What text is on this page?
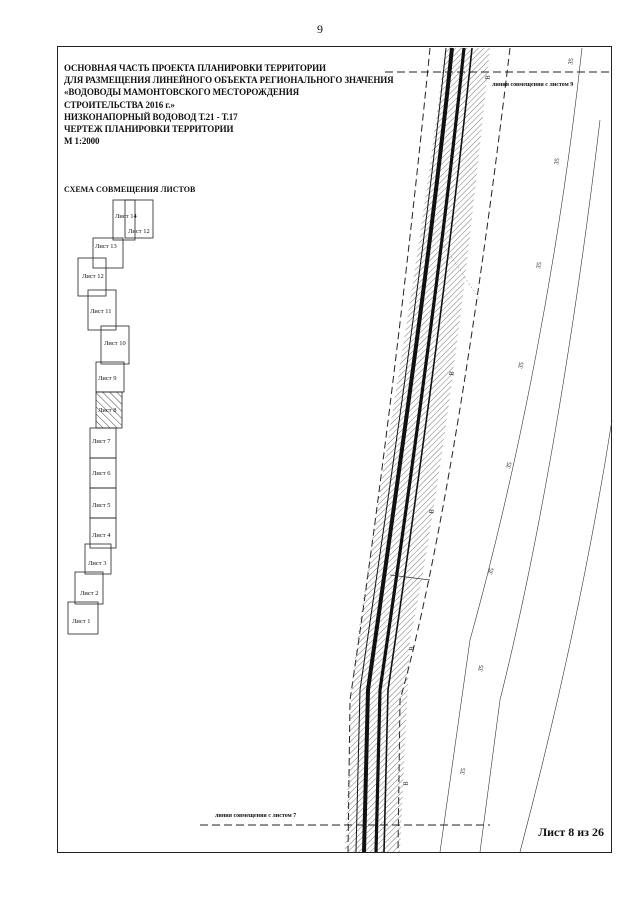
9
ОСНОВНАЯ ЧАСТЬ ПРОЕКТА ПЛАНИРОВКИ ТЕРРИТОРИИ
ДЛЯ РАЗМЕЩЕНИЯ ЛИНЕЙНОГО ОБЪЕКТА РЕГИОНАЛЬНОГО ЗНАЧЕНИЯ
«ВОДОВОДЫ МАМОНТОВСКОГО МЕСТОРОЖДЕНИЯ
СТРОИТЕЛЬСТВА 2016 г.»
НИЗКОНАПОРНЫЙ ВОДОВОД Т.21 - Т.17
ЧЕРТЕЖ ПЛАНИРОВКИ ТЕРРИТОРИИ
М 1:2000
СХЕМА СОВМЕЩЕНИЯ ЛИСТОВ
Лист 14
Лист 12
Лист 13
Лист 12
Лист 11
Лист 10
Лист 9
Лист 8
Лист 7
Лист 6
Лист 5
Лист 4
Лист 3
Лист 2
Лист 1
линия совмещения с листом 9
линия совмещения с листом 7
35
35
35
35
35
35
35
35
В
В
В
В
В
Лист 8 из 26
